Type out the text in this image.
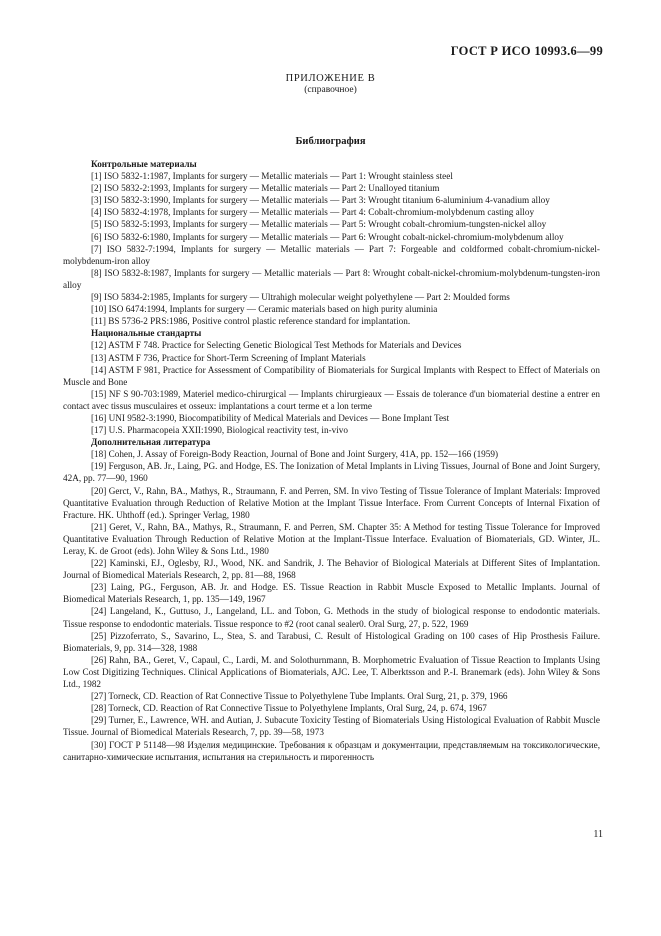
ГОСТ Р ИСО 10993.6—99
ПРИЛОЖЕНИЕ В
(справочное)
Библиография

Контрольные материалы

[1] ISO 5832-1:1987, Implants for surgery — Metallic materials — Part 1: Wrought stainless steel

[2] ISO 5832-2:1993, Implants for surgery — Metallic materials — Part 2: Unalloyed titanium

[3] ISO 5832-3:1990, Implants for surgery — Metallic materials — Part 3: Wrought titanium 6-aluminium 4-vanadium alloy

[4] ISO 5832-4:1978, Implants for surgery — Metallic materials — Part 4: Cobalt-chromium-molybdenum casting alloy

[5] ISO 5832-5:1993, Implants for surgery — Metallic materials — Part 5: Wrought cobalt-chromium-tungsten-nickel alloy

[6] ISO 5832-6:1980, Implants for surgery — Metallic materials — Part 6: Wrought cobalt-nickel-chromium-molybdenum alloy

[7] ISO 5832-7:1994, Implants for surgery — Metallic materials — Part 7: Forgeable and coldformed cobalt-chromium-nickel-molybdenum-iron alloy

[8] ISO 5832-8:1987, Implants for surgery — Metallic materials — Part 8: Wrought cobalt-nickel-chromium-molybdenum-tungsten-iron alloy

[9] ISO 5834-2:1985, Implants for surgery — Ultrahigh molecular weight polyethylene — Part 2: Moulded forms

[10] ISO 6474:1994, Implants for surgery — Ceramic materials based on high purity aluminia

[11] BS 5736-2 PRS:1986, Positive control plastic reference standard for implantation.

Национальные стандарты

[12] ASTM F 748. Practice for Selecting Genetic Biological Test Methods for Materials and Devices

[13] ASTM F 736, Practice for Short-Term Screening of Implant Materials

[14] ASTM F 981, Practice for Assessment of Compatibility of Biomaterials for Surgical Implants with Respect to Effect of Materials on Muscle and Bone

[15] NF S 90-703:1989, Materiel medico-chirurgical — Implants chirurgieaux — Essais de tolerance d'un biomaterial destine a entrer en contact avec tissus musculaires et osseux: implantations a court terme et a lon terme

[16] UNI 9582-3:1990, Biocompatibility of Medical Materials and Devices — Bone Implant Test

[17] U.S. Pharmacopeia XXII:1990, Biological reactivity test, in-vivo

Дополнительная литература

[18] Cohen, J. Assay of Foreign-Body Reaction, Journal of Bone and Joint Surgery, 41A, pp. 152—166 (1959)

[19] Ferguson, AB. Jr., Laing, PG. and Hodge, ES. The Ionization of Metal Implants in Living Tissues, Journal of Bone and Joint Surgery, 42A, pp. 77—90, 1960

[20] Gerct, V., Rahn, BA., Mathys, R., Straumann, F. and Perren, SM. In vivo Testing of Tissue Tolerance of Implant Materials: Improved Quantitative Evaluation through Reduction of Relative Motion at the Implant Tissue Interface. From Current Concepts of Internal Fixation of Fracture. HK. Uhthoff (ed.). Springer Verlag, 1980

[21] Geret, V., Rahn, BA., Mathys, R., Straumann, F. and Perren, SM. Chapter 35: A Method for testing Tissue Tolerance for Improved Quantitative Evaluation Through Reduction of Relative Motion at the Implant-Tissue Interface. Evaluation of Biomaterials, GD. Winter, JL. Leray, K. de Groot (eds). John Wiley & Sons Ltd., 1980

[22] Kaminski, EJ., Oglesby, RJ., Wood, NK. and Sandrik, J. The Behavior of Biological Materials at Different Sites of Implantation. Journal of Biomedical Materials Research, 2, pp. 81—88, 1968

[23] Laing, PG., Ferguson, AB. Jr. and Hodge. ES. Tissue Reaction in Rabbit Muscle Exposed to Metallic Implants. Journal of Biomedical Materials Research, 1, pp. 135—149, 1967

[24] Langeland, K., Guttuso, J., Langeland, LL. and Tobon, G. Methods in the study of biological response to endodontic materials. Tissue response to endodontic materials. Tissue responce to #2 (root canal sealer0. Oral Surg, 27, p. 522, 1969

[25] Pizzoferrato, S., Savarino, L., Stea, S. and Tarabusi, C. Result of Histological Grading on 100 cases of Hip Prosthesis Failure. Biomaterials, 9, pp. 314—328, 1988

[26] Rahn, BA., Geret, V., Capaul, C., Lardi, M. and Solothurnmann, B. Morphometric Evaluation of Tissue Reaction to Implants Using Low Cost Digitizing Techniques. Clinical Applications of Biomaterials, AJC. Lee, T. Alberktsson and P.-I. Branemark (eds). John Wiley & Sons Ltd., 1982

[27] Torneck, CD. Reaction of Rat Connective Tissue to Polyethylene Tube Implants. Oral Surg, 21, p. 379, 1966

[28] Torneck, CD. Reaction of Rat Connective Tissue to Polyethylene Implants, Oral Surg, 24, p. 674, 1967

[29] Turner, E., Lawrence, WH. and Autian, J. Subacute Toxicity Testing of Biomaterials Using Histological Evaluation of Rabbit Muscle Tissue. Journal of Biomedical Materials Research, 7, pp. 39—58, 1973

[30] ГОСТ Р 51148—98 Изделия медицинские. Требования к образцам и документации, представляемым на токсикологические, санитарно-химические испытания, испытания на стерильность и пирогенность

11
